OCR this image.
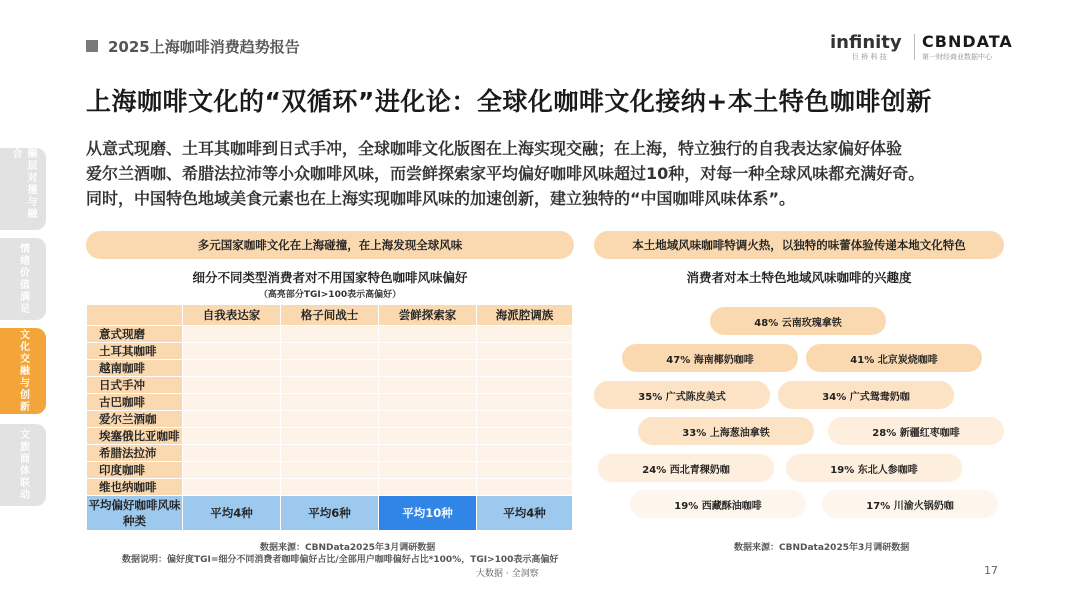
2025上海咖啡消费趋势报告	infinity
巨 桥 科 技
CBNDATA
第一财经商业数据中心
上海咖啡文化的“双循环”进化论：全球化咖啡文化接纳+本土特色咖啡创新

从意式现磨、土耳其咖啡到日式手冲，全球咖啡文化版图在上海实现交融；在上海，特立独行的自我表达家偏好体验

爱尔兰酒咖、希腊法拉沛等小众咖啡风味，而尝鲜探索家平均偏好咖啡风味超过10种，对每一种全球风味都充满好奇。

同时，中国特色地域美食元素也在上海实现咖啡风味的加速创新，建立独特的“中国咖啡风味体系”。

圈层对撞与融合
情绪价值满足
文化交融与创新
文旅商体联动
多元国家咖啡文化在上海碰撞，在上海发现全球风味
细分不同类型消费者对不用国家特色咖啡风味偏好
（高亮部分TGI>100表示高偏好）
	自我表达家	格子间战士	尝鲜探索家	海派腔调族
意式现磨				
土耳其咖啡				
越南咖啡				
日式手冲				
古巴咖啡				
爱尔兰酒咖				
埃塞俄比亚咖啡				
希腊法拉沛				
印度咖啡				
维也纳咖啡				
平均偏好咖啡风味种类	平均4种	平均6种	平均10种	平均4种
数据来源：CBNData2025年3月调研数据
数据说明：偏好度TGI=细分不同消费者咖啡偏好占比/全部用户咖啡偏好占比*100%，TGI>100表示高偏好
本土地域风味咖啡特调火热，以独特的味蕾体验传递本地文化特色
消费者对本土特色地域风味咖啡的兴趣度
48% 云南玫瑰拿铁
47% 海南椰奶咖啡	41% 北京炭烧咖啡
35% 广式陈皮美式	34% 广式鸳鸯奶咖
33% 上海葱油拿铁	28% 新疆红枣咖啡
24% 西北青稞奶咖	19% 东北人参咖啡
19% 西藏酥油咖啡	17% 川渝火锅奶咖
数据来源：CBNData2025年3月调研数据
大数据 · 全洞察	17
